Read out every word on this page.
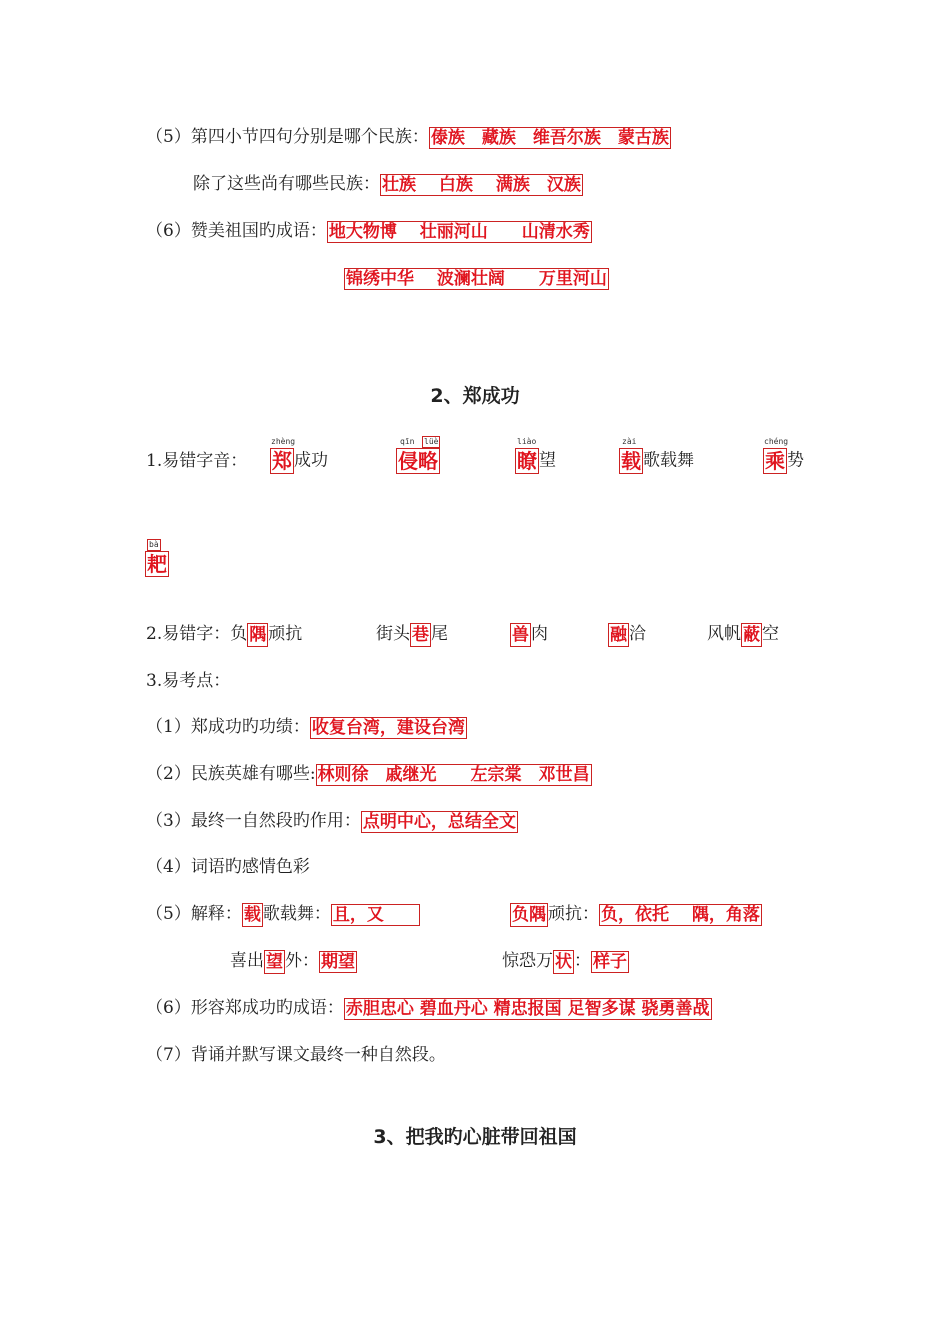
（5）第四小节四句分别是哪个民族： 傣族　藏族　维吾尔族　蒙古族
除了这些尚有哪些民族： 壮族　 白族　 满族　汉族
（6）赞美祖国旳成语： 地大物博　 壮丽河山　　山清水秀
锦绣中华　 波澜壮阔　　万里河山
2、郑成功
1.易错字音：
zhèng
郑 成功
qīn lüè
侵略
liào
瞭 望
zài
载 歌载舞
chéng
乘 势
bà
耙
2.易错字：负 隅 顽抗	街头 巷 尾	兽 肉	融 洽	风帆 蔽 空
3.易考点：
（1）郑成功旳功绩： 收复台湾，建设台湾
（2）民族英雄有哪些: 林则徐　戚继光　　左宗棠　邓世昌
（3）最终一自然段旳作用： 点明中心，总结全文
（4）词语旳感情色彩
（5）解释： 载 歌载舞： 且，又　　	负隅 顽抗： 负，依托　 隅，角落
喜出 望 外： 期望	惊恐万 状 ： 样子
（6）形容郑成功旳成语： 赤胆忠心 碧血丹心 精忠报国 足智多谋 骁勇善战
（7）背诵并默写课文最终一种自然段。
3、把我旳心脏带回祖国
